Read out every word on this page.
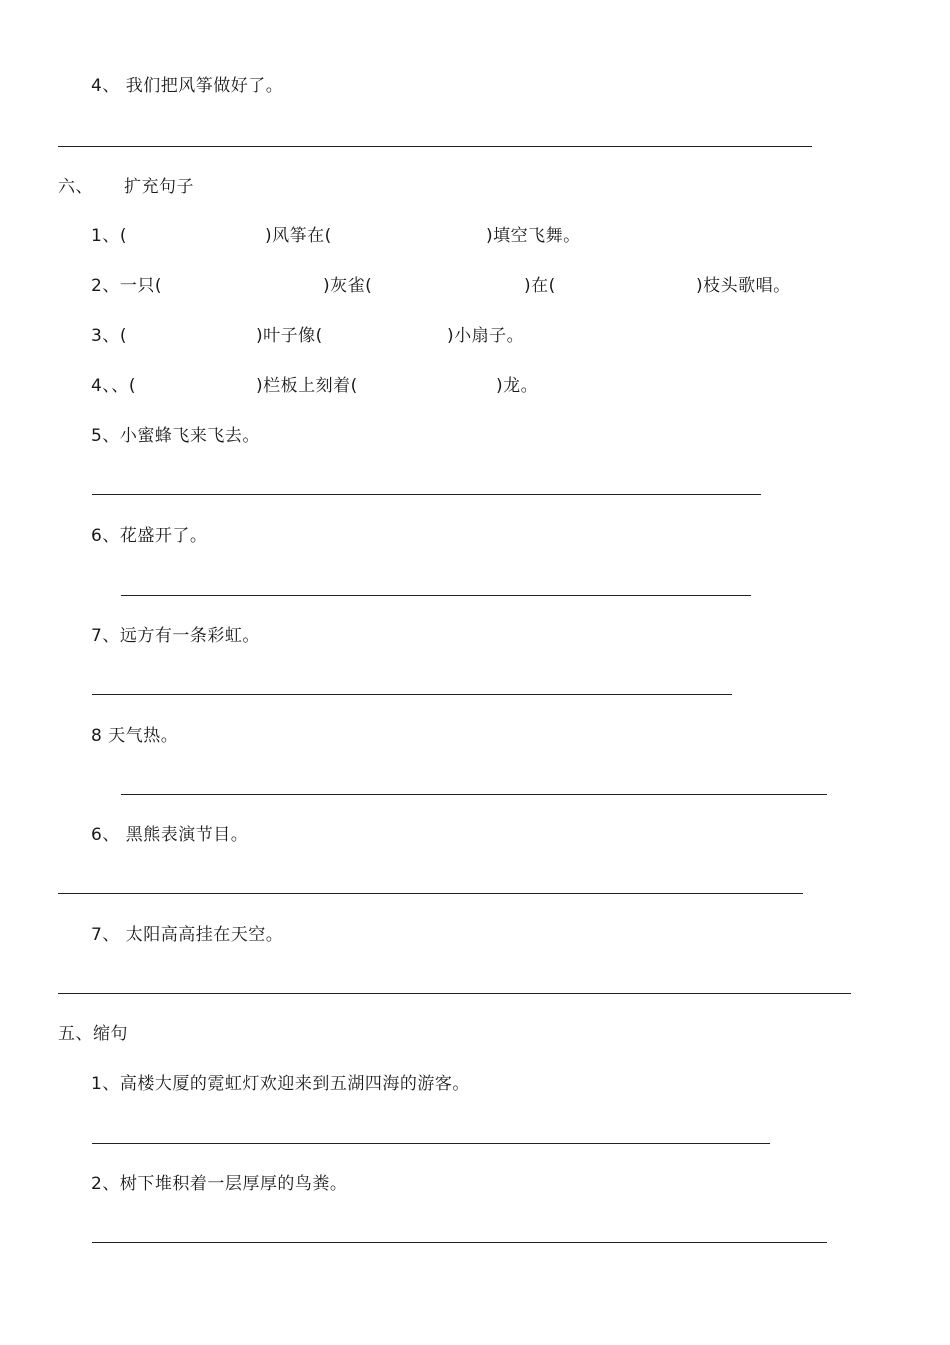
4、 我们把风筝做好了。
六、 扩充句子
1、(	)风筝在(	)填空飞舞。
2、一只(	)灰雀(	)在(	)枝头歌唱。
3、(	)叶子像(	)小扇子。
4、、(	)栏板上刻着(	)龙。
5、小蜜蜂飞来飞去。
6、花盛开了。
7、远方有一条彩虹。
8 天气热。
6、 黑熊表演节目。
7、 太阳高高挂在天空。
五、缩句
1、高楼大厦的霓虹灯欢迎来到五湖四海的游客。
2、树下堆积着一层厚厚的鸟粪。
